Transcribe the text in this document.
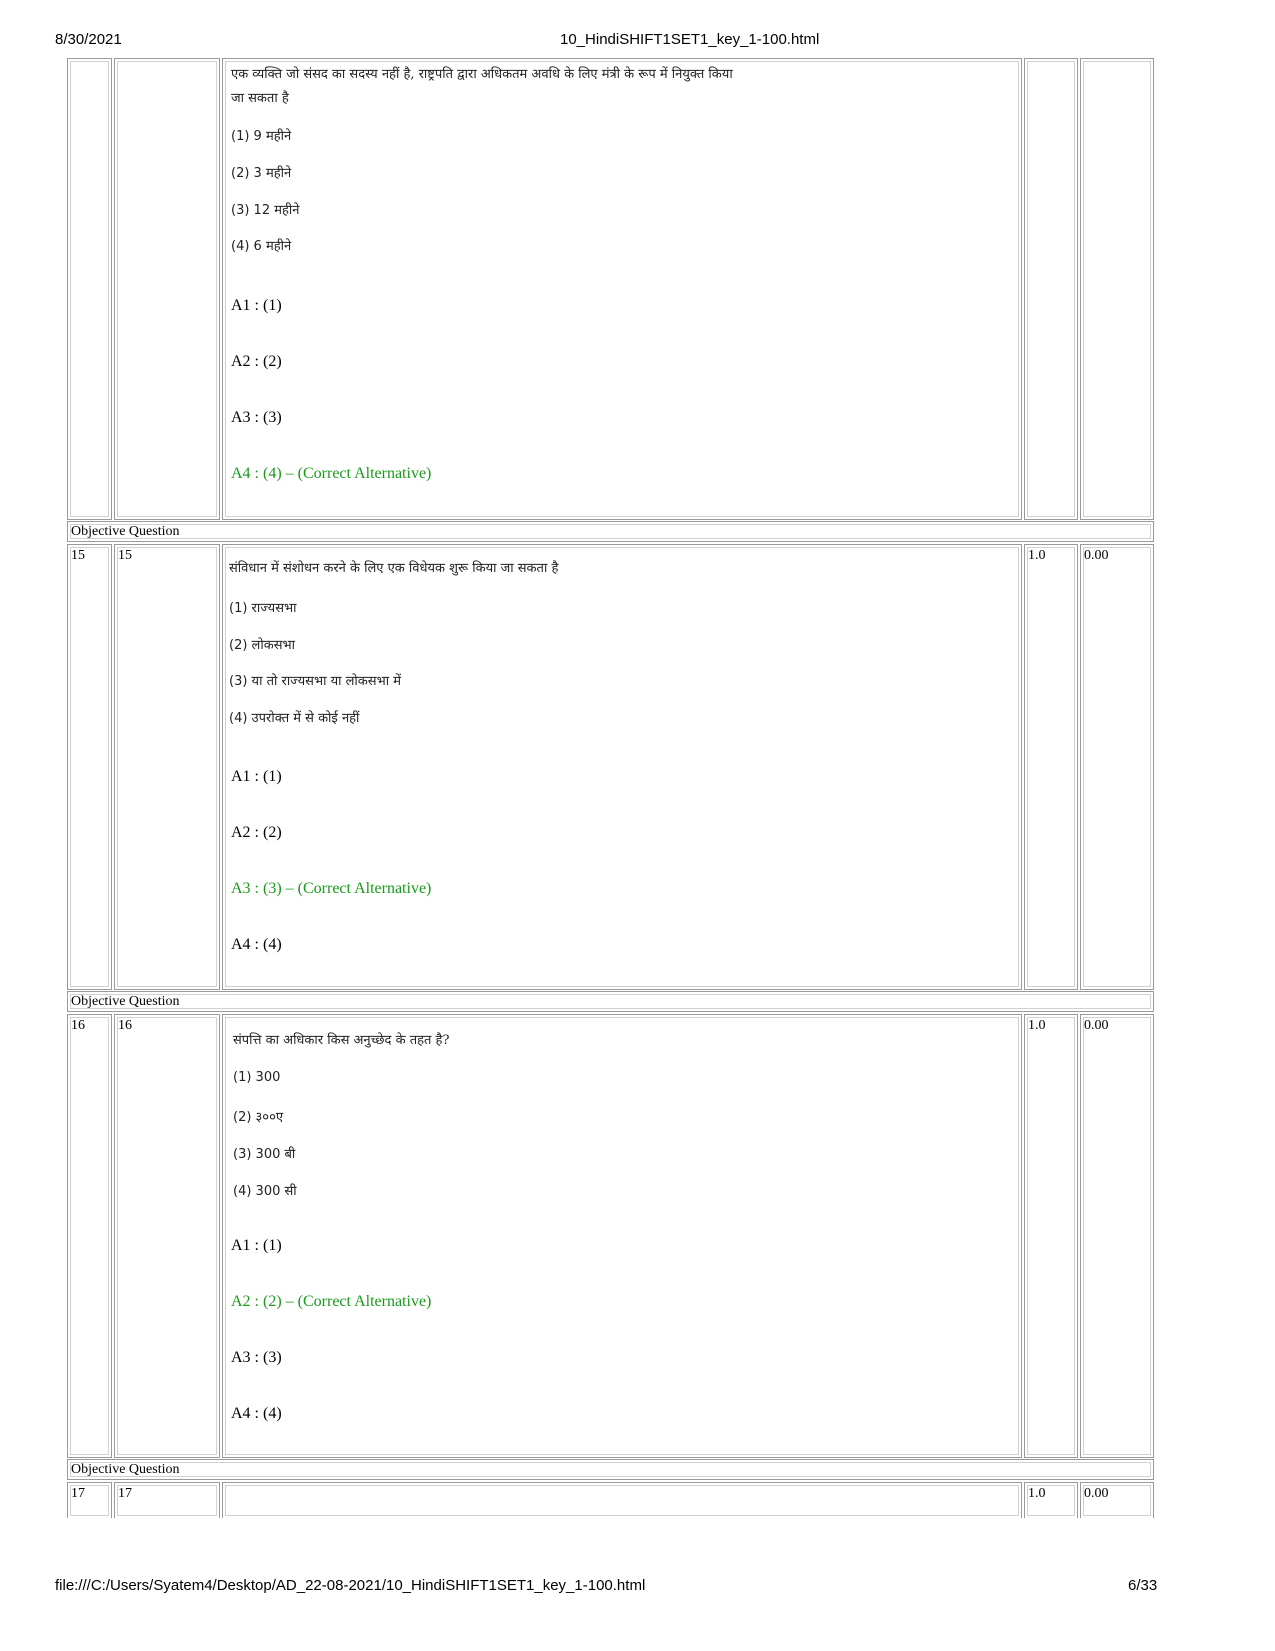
8/30/2021	10_HindiSHIFT1SET1_key_1-100.html
एक व्यक्ति जो संसद का सदस्य नहीं है, राष्ट्रपति द्वारा अधिकतम अवधि के लिए मंत्री के रूप में नियुक्त किया
जा सकता है
(1) 9 महीने
(2) 3 महीने
(3) 12 महीने
(4) 6 महीने
A1 : (1)
A2 : (2)
A3 : (3)
A4 : (4) – (Correct Alternative)
Objective Question
15 15
संविधान में संशोधन करने के लिए एक विधेयक शुरू किया जा सकता है
(1) राज्यसभा
(2) लोकसभा
(3) या तो राज्यसभा या लोकसभा में
(4) उपरोक्त में से कोई नहीं
A1 : (1)
A2 : (2)
A3 : (3) – (Correct Alternative)
A4 : (4)
1.0	0.00
Objective Question
16 16
संपत्ति का अधिकार किस अनुच्छेद के तहत है?
(1) 300
(2) ३००ए
(3) 300 बी
(4) 300 सी
A1 : (1)
A2 : (2) – (Correct Alternative)
A3 : (3)
A4 : (4)
1.0	0.00
Objective Question
17 17	1.0	0.00
file:///C:/Users/Syatem4/Desktop/AD_22-08-2021/10_HindiSHIFT1SET1_key_1-100.html	6/33
